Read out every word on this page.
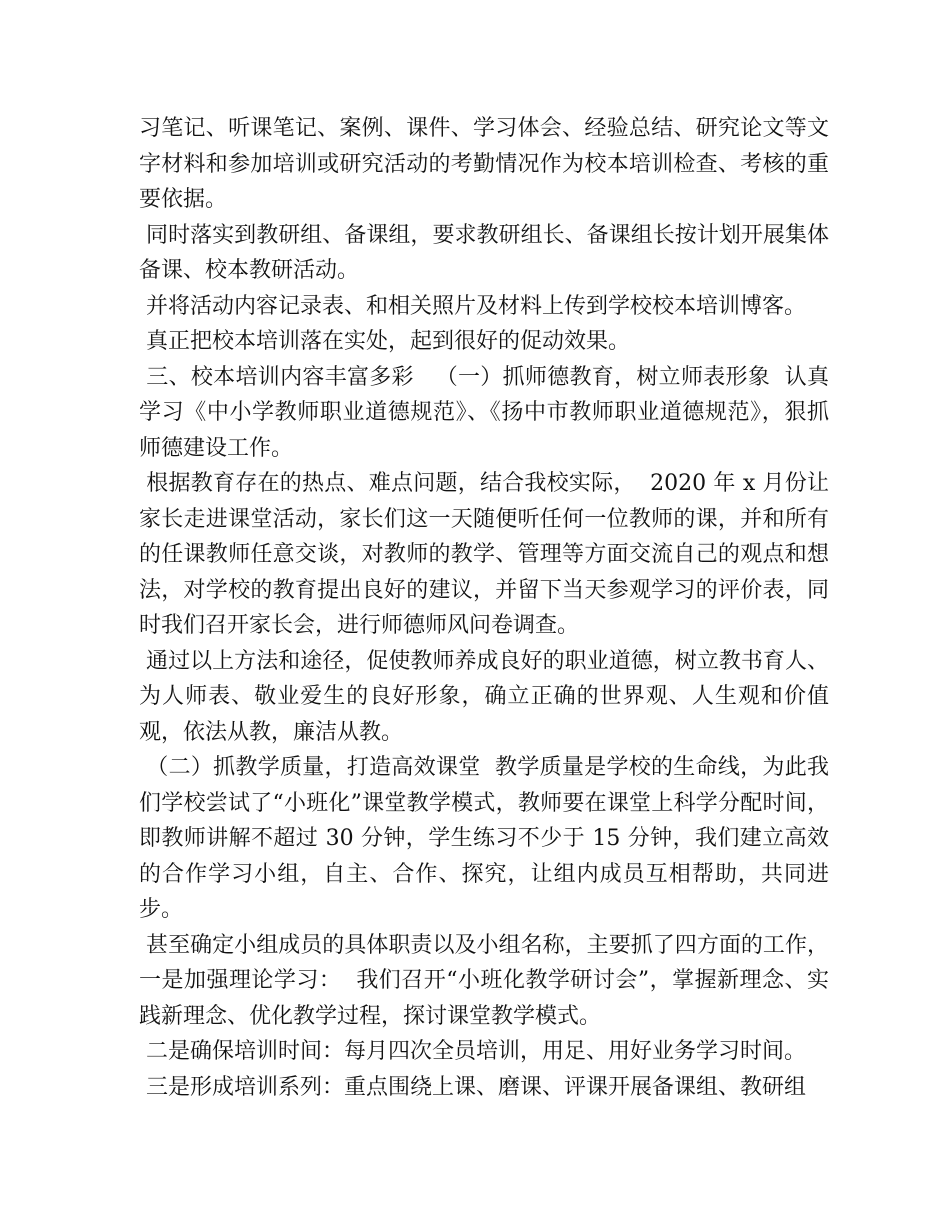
习笔记、听课笔记、案例、课件、学习体会、经验总结、研究论文等文字材料和参加培训或研究活动的考勤情况作为校本培训检查、考核的重要依据。

同时落实到教研组、备课组，要求教研组长、备课组长按计划开展集体备课、校本教研活动。

并将活动内容记录表、和相关照片及材料上传到学校校本培训博客。

真正把校本培训落在实处，起到很好的促动效果。

三、校本培训内容丰富多彩   （一）抓师德教育，树立师表形象  认真学习《中小学教师职业道德规范》、《扬中市教师职业道德规范》，狠抓师德建设工作。

根据教育存在的热点、难点问题，结合我校实际，  2020 年 x 月份让家长走进课堂活动，家长们这一天随便听任何一位教师的课，并和所有的任课教师任意交谈，对教师的教学、管理等方面交流自己的观点和想法，对学校的教育提出良好的建议，并留下当天参观学习的评价表，同时我们召开家长会，进行师德师风问卷调查。

通过以上方法和途径，促使教师养成良好的职业道德，树立教书育人、为人师表、敬业爱生的良好形象，确立正确的世界观、人生观和价值观，依法从教，廉洁从教。

（二）抓教学质量，打造高效课堂  教学质量是学校的生命线，为此我们学校尝试了“小班化”课堂教学模式，教师要在课堂上科学分配时间，即教师讲解不超过 30 分钟，学生练习不少于 15 分钟，我们建立高效的合作学习小组，自主、合作、探究，让组内成员互相帮助，共同进步。

甚至确定小组成员的具体职责以及小组名称，主要抓了四方面的工作，一是加强理论学习：  我们召开“小班化教学研讨会”，掌握新理念、实践新理念、优化教学过程，探讨课堂教学模式。

二是确保培训时间：每月四次全员培训，用足、用好业务学习时间。

三是形成培训系列：重点围绕上课、磨课、评课开展备课组、教研组
